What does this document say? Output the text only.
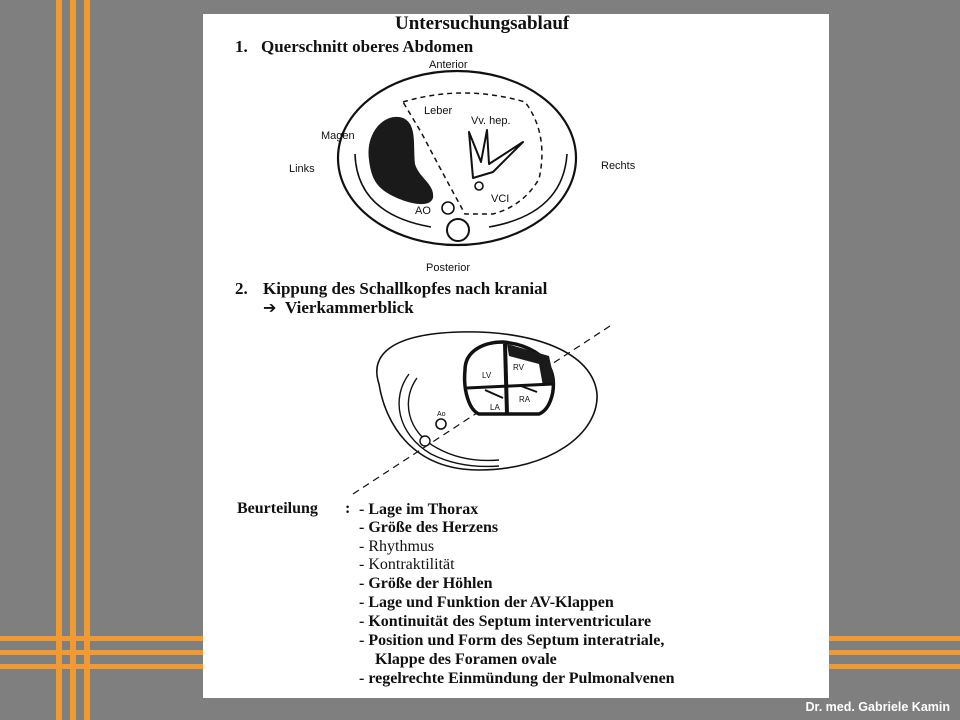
Untersuchungsablauf
1. Querschnitt oberes Abdomen
Anterior
Posterior
Links	Rechts
Magen
Leber
Vv. hep.
VCI
AO
2. Kippung des Schallkopfes nach kranial
➔ Vierkammerblick
LV
RV
LA
RA
Ao
Beurteilung : - Lage im Thorax
- Größe des Herzens
- Rhythmus
- Kontraktilität
- Größe der Höhlen
- Lage und Funktion der AV-Klappen
- Kontinuität des Septum interventriculare
- Position und Form des Septum interatriale,
Klappe des Foramen ovale
- regelrechte Einmündung der Pulmonalvenen
Dr. med. Gabriele Kamin
